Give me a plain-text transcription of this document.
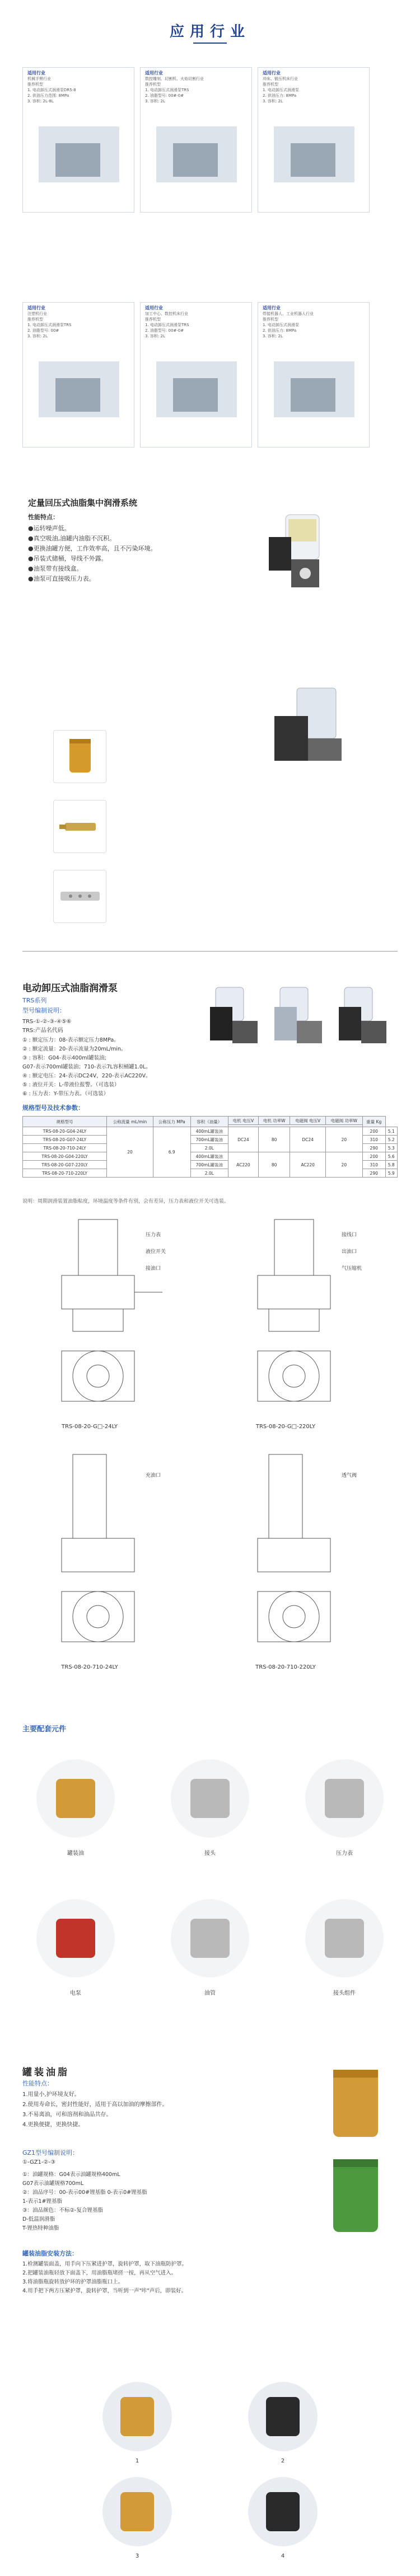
应用行业
适用行业
机械手臂行业
推荐机型
1. 电动卸压式润滑泵DR5-8
2. 供油压力范围: 8MPa
3. 容积: 2L-8L
适用行业
数控雕刻、切割机、火焰切割行业
推荐机型
1. 电动卸压式润滑泵TRS
2. 油脂型号: 00#-0#
3. 容积: 2L
适用行业
冲床、锻压机床行业
推荐机型
1. 电动卸压式润滑泵
2. 供油压力: 8MPa
3. 容积: 2L
适用行业
注塑机行业
推荐机型
1. 电动卸压式润滑泵TRS
2. 油脂型号: 00#
3. 容积: 2L
适用行业
加工中心、数控机床行业
推荐机型
1. 电动卸压式润滑泵TRS
2. 油脂型号: 00#-0#
3. 容积: 2L
适用行业
焊接机器人、工业机器人行业
推荐机型
1. 电动卸压式润滑泵
2. 供油压力: 8MPa
3. 容积: 2L
定量回压式油脂集中润滑系统
性能特点：
●运转噪声低。
●真空吸油,油罐内油脂不沉积。
●更换油罐方便，工作效率高，且不污染环境。
●吊装式储桶，导线不外露。
●油泵带有接线盒。
●油泵可直接吸压力表。
电动卸压式油脂润滑泵
TRS系列
型号编制说明：
TRS-①-②-③-④⑤⑥
TRS:产品名代码
① : 额定压力：08-表示额定压力8MPa。
② : 额定流量：20-表示流量为20mL/min。
③ : 容积：G04-表示400ml罐装油;
G07-表示700ml罐装油；710-表示7L容积桶罐1.0L。
④ : 额定电压：24-表示DC24V，220-表示AC220V。
⑤ : 液位开关：L-带液位报警。（可选装）
⑥ : 压力表：Y-带压力表。（可选装）
规格型号及技术参数：
规格型号	公称流量 mL/min	公称压力 MPa	容积（油量）	电机 电压V	电机 功率W	电磁阀 电压V	电磁阀 功率W	重量 Kg	

TRS-08-20-G04-24LY	20	6.9	400mL罐装油	DC24	80	DC24	20	200	5.1
TRS-08-20-G07-24LY			700mL罐装油					310	5.2
TRS-08-20-710-24LY			2.0L					290	5.3
TRS-08-20-G04-220LY			400mL罐装油	AC220	80	AC220	20	200	5.6
TRS-08-20-G07-220LY			700mL罐装油					310	5.8
TRS-08-20-710-220LY			2.0L					290	5.9
说明：周期润滑装置油脂粘度，环境温度等条件有别，会有差异，压力表和液位开关可选装。
压力表
液位开关
接油口
接线口
出油口
气压缩机
充油口	透气阀
TRS-08-20-G□-24LY	TRS-08-20-G□-220LY
TRS-08-20-710-24LY	TRS-08-20-710-220LY
主要配套元件
罐装油	接头	压力表
电泵	油管	接头组件
罐装油脂
性能特点：
1.用量小,护环境友好。
2.使用寿命长，密封性能好，适用于高以加油的摩擦部件。
3.不易离油，可和溶剂和油品共存。
4.更换便捷，更换快捷。
GZ1型号编制说明：
①-GZ1-②-③
①：油罐规格：G04表示油罐规格400mL
G07表示油罐规格700mL
②：油品序号：00-表示00#锂基脂 0-表示0#锂基脂
1-表示1#锂基脂
③：油品颜色：不标②-复合锂基脂
D-低温润滑脂
T-锂热特种油脂
罐装油脂安装方法：
1.检测罐装面盖，用手向下压紧进护罩，旋转护罩，取下油瓶防护罩。
2.把罐装油瓶轻放下面盖下，用油脂瓶堵搓一按，再从空气进入。
3.将油脂瓶旋转放护环的护罩油脂瓶口上。
4.用手把下两方压紧护罩，旋转护罩，当听到一声"咔"声后，即装好。
1	2
3	4
